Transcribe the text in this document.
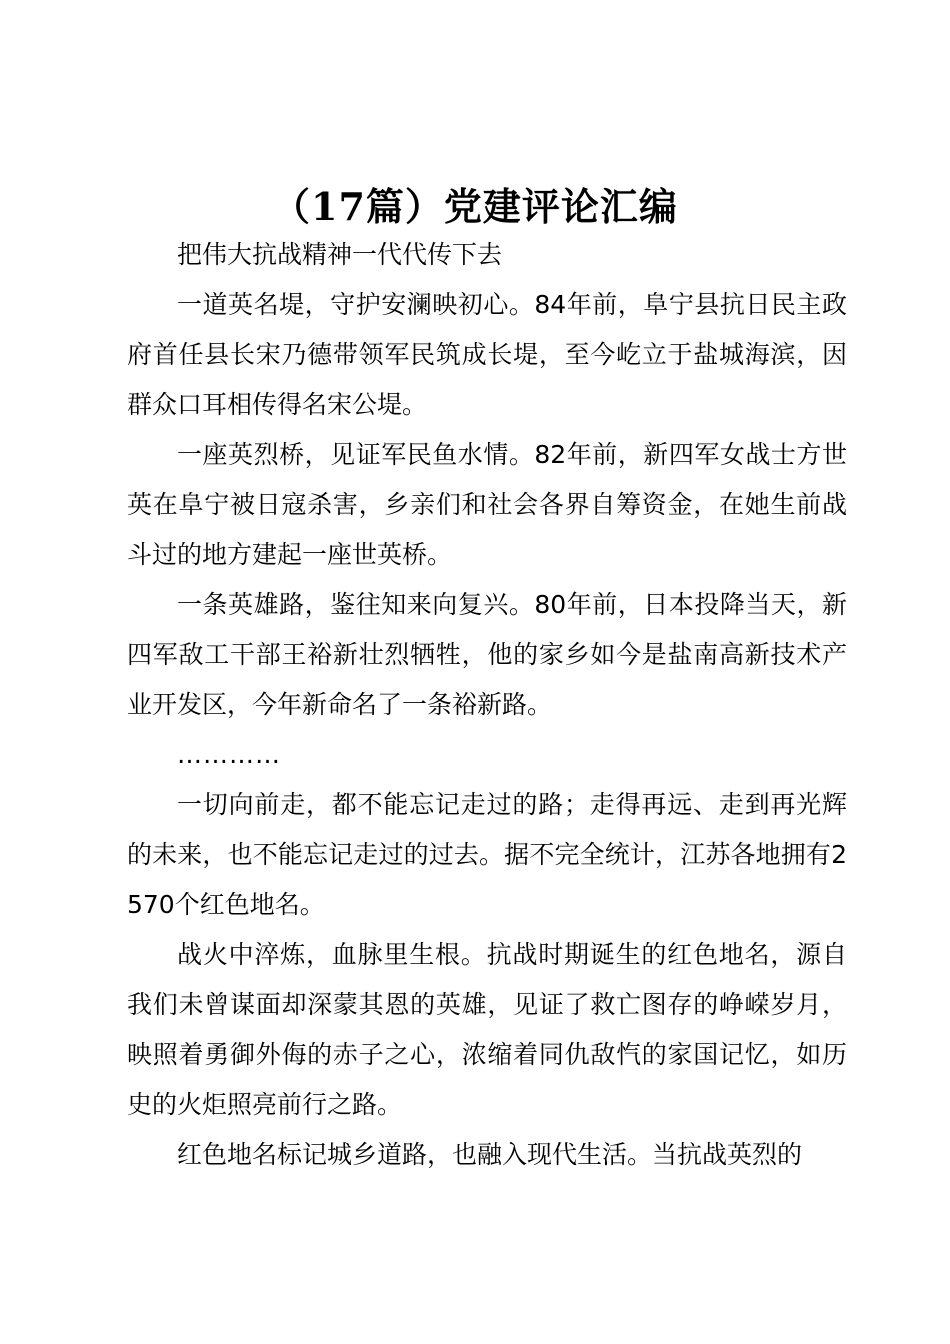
（17篇）党建评论汇编

把伟大抗战精神一代代传下去

一道英名堤，守护安澜映初心。84年前，阜宁县抗日民主政府首任县长宋乃德带领军民筑成长堤，至今屹立于盐城海滨，因群众口耳相传得名宋公堤。

一座英烈桥，见证军民鱼水情。82年前，新四军女战士方世英在阜宁被日寇杀害，乡亲们和社会各界自筹资金，在她生前战斗过的地方建起一座世英桥。

一条英雄路，鉴往知来向复兴。80年前，日本投降当天，新四军敌工干部王裕新壮烈牺牲，他的家乡如今是盐南高新技术产业开发区，今年新命名了一条裕新路。

…………

一切向前走，都不能忘记走过的路；走得再远、走到再光辉的未来，也不能忘记走过的过去。据不完全统计，江苏各地拥有2570个红色地名。

战火中淬炼，血脉里生根。抗战时期诞生的红色地名，源自我们未曾谋面却深蒙其恩的英雄，见证了救亡图存的峥嵘岁月，映照着勇御外侮的赤子之心，浓缩着同仇敌忾的家国记忆，如历史的火炬照亮前行之路。

红色地名标记城乡道路，也融入现代生活。当抗战英烈的
